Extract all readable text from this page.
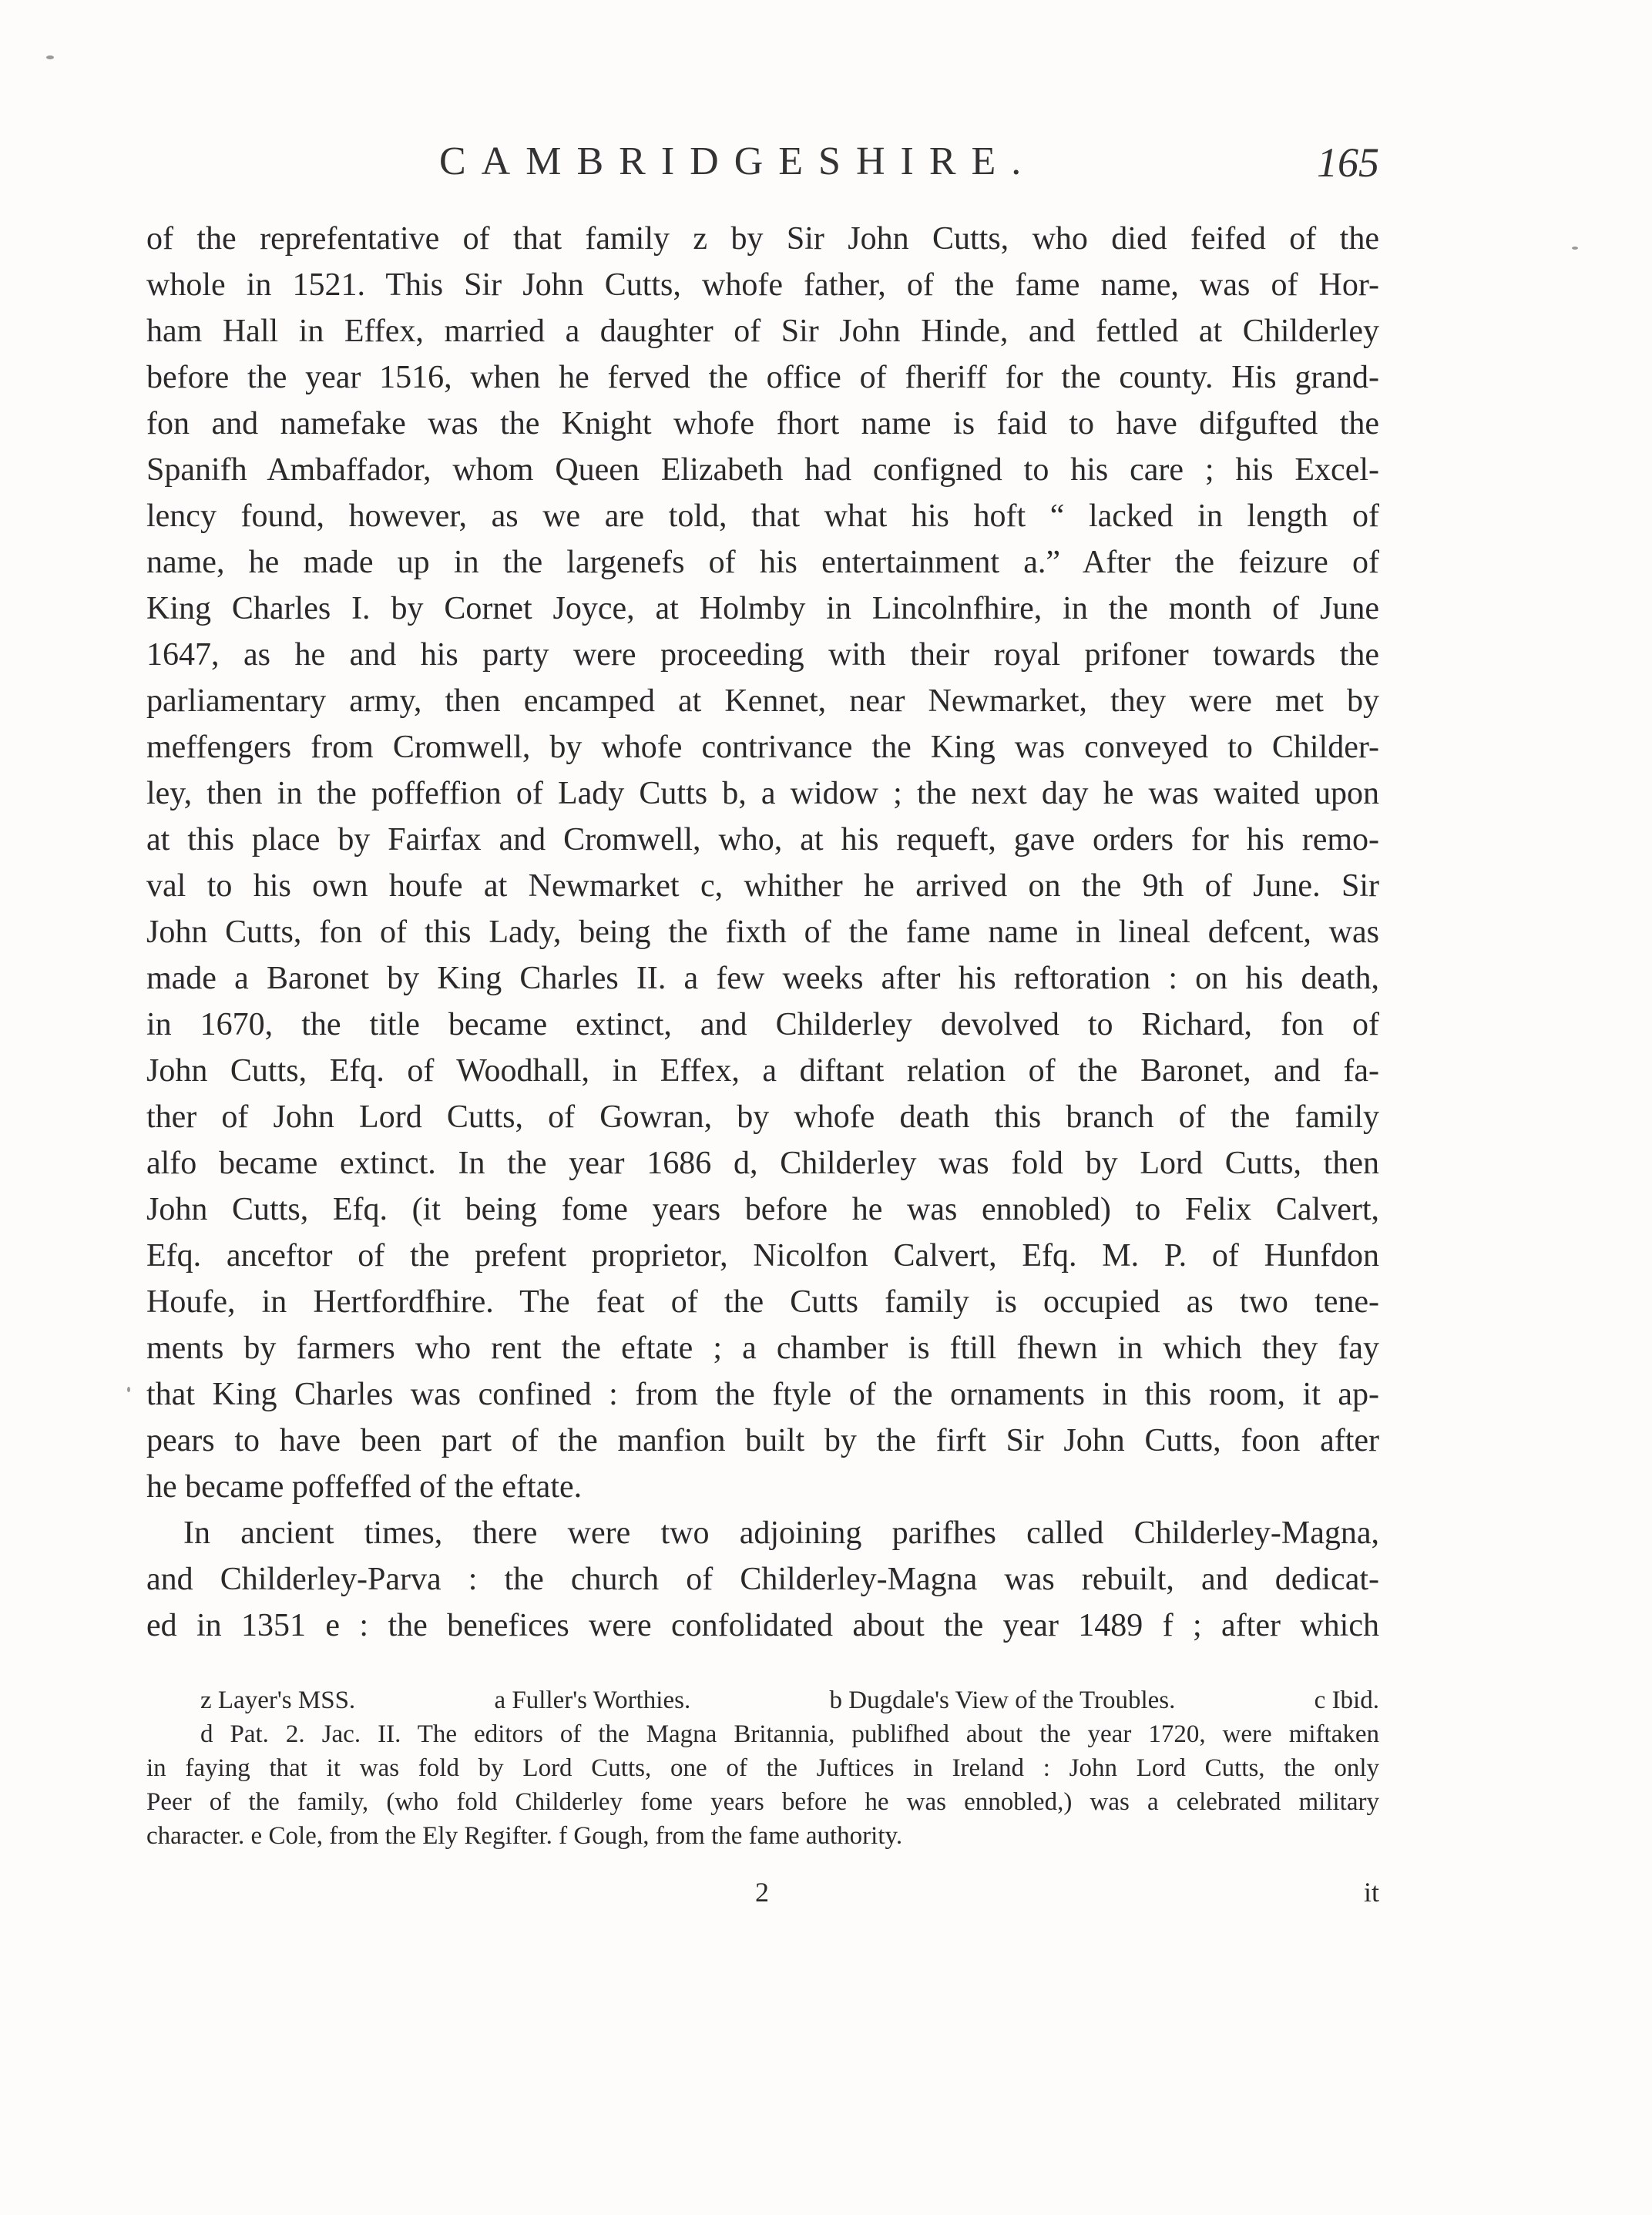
CAMBRIDGESHIRE.	165
of the reprefentative of that family z by Sir John Cutts, who died feifed of the
whole in 1521. This Sir John Cutts, whofe father, of the fame name, was of Hor-
ham Hall in Effex, married a daughter of Sir John Hinde, and fettled at Childerley
before the year 1516, when he ferved the office of fheriff for the county. His grand-
fon and namefake was the Knight whofe fhort name is faid to have difgufted the
Spanifh Ambaffador, whom Queen Elizabeth had configned to his care ; his Excel-
lency found, however, as we are told, that what his hoft “ lacked in length of
name, he made up in the largenefs of his entertainment a.” After the feizure of
King Charles I. by Cornet Joyce, at Holmby in Lincolnfhire, in the month of June
1647, as he and his party were proceeding with their royal prifoner towards the
parliamentary army, then encamped at Kennet, near Newmarket, they were met by
meffengers from Cromwell, by whofe contrivance the King was conveyed to Childer-
ley, then in the poffeffion of Lady Cutts b, a widow ; the next day he was waited upon
at this place by Fairfax and Cromwell, who, at his requeft, gave orders for his remo-
val to his own houfe at Newmarket c, whither he arrived on the 9th of June. Sir
John Cutts, fon of this Lady, being the fixth of the fame name in lineal defcent, was
made a Baronet by King Charles II. a few weeks after his reftoration : on his death,
in 1670, the title became extinct, and Childerley devolved to Richard, fon of
John Cutts, Efq. of Woodhall, in Effex, a diftant relation of the Baronet, and fa-
ther of John Lord Cutts, of Gowran, by whofe death this branch of the family
alfo became extinct. In the year 1686 d, Childerley was fold by Lord Cutts, then
John Cutts, Efq. (it being fome years before he was ennobled) to Felix Calvert,
Efq. anceftor of the prefent proprietor, Nicolfon Calvert, Efq. M. P. of Hunfdon
Houfe, in Hertfordfhire. The feat of the Cutts family is occupied as two tene-
ments by farmers who rent the eftate ; a chamber is ftill fhewn in which they fay
that King Charles was confined : from the ftyle of the ornaments in this room, it ap-
pears to have been part of the manfion built by the firft Sir John Cutts, foon after
he became poffeffed of the eftate.
In ancient times, there were two adjoining parifhes called Childerley-Magna,
and Childerley-Parva : the church of Childerley-Magna was rebuilt, and dedicat-
ed in 1351 e : the benefices were confolidated about the year 1489 f ; after which
z Layer's MSS.	a Fuller's Worthies.	b Dugdale's View of the Troubles.	c Ibid.
d Pat. 2. Jac. II. The editors of the Magna Britannia, publifhed about the year 1720, were miftaken
in faying that it was fold by Lord Cutts, one of the Juftices in Ireland : John Lord Cutts, the only
Peer of the family, (who fold Childerley fome years before he was ennobled,) was a celebrated military
character. e Cole, from the Ely Regifter. f Gough, from the fame authority.
2	it
